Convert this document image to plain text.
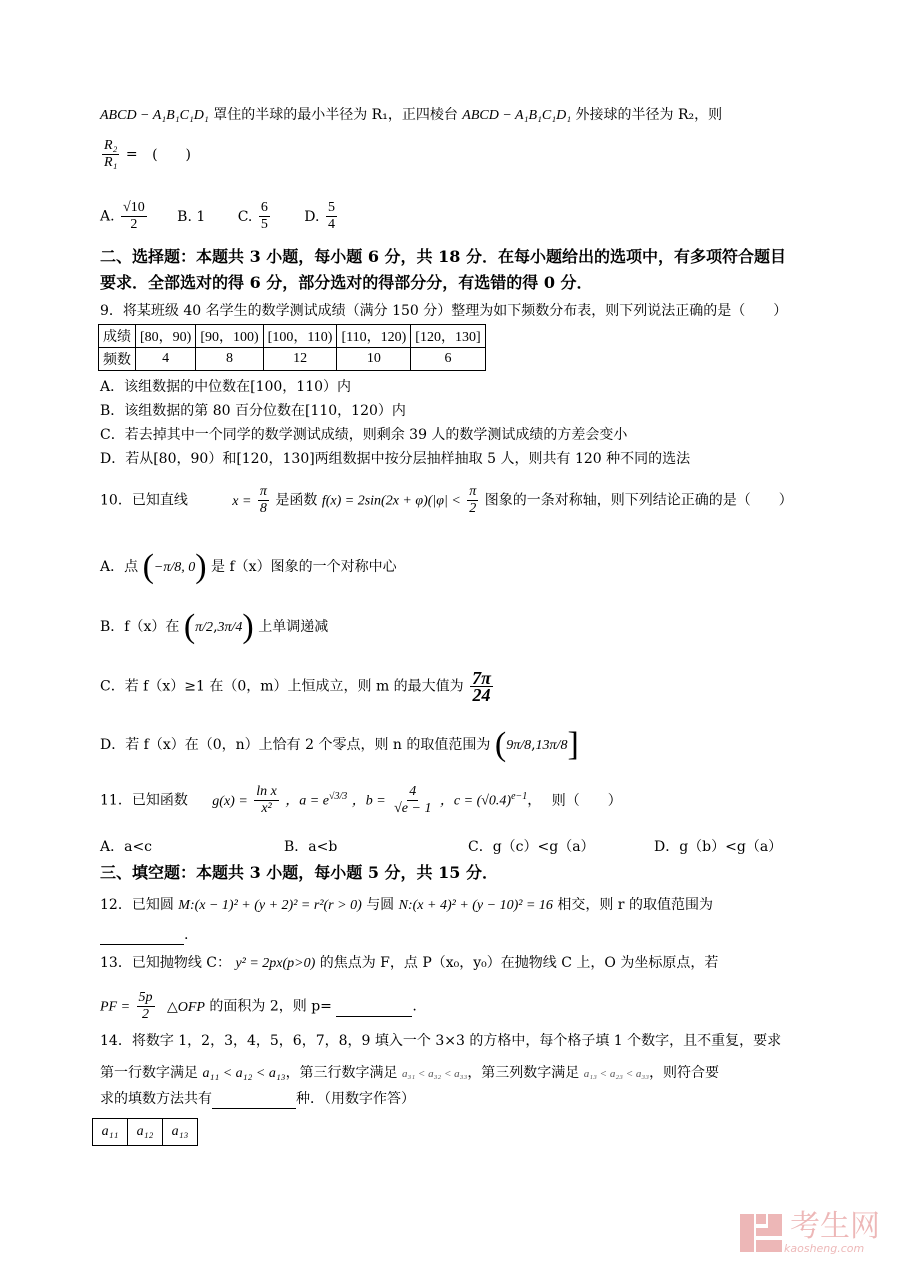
ABCD − A₁B₁C₁D₁ 罩住的半球的最小半径为 R₁，正四棱台 ABCD − A₁B₁C₁D₁ 外接球的半径为 R₂，则
$\frac{\text{R₂}}{\text{R₁}}$ = (　　)
A. $\frac{√10}{2} B$. 1 C. $\frac{6}{5} D$. $\frac{5}{4}$
二、选择题：本题共 3 小题，每小题 6 分，共 18 分．在每小题给出的选项中，有多项符合题目要求．全部选对的得 6 分，部分选对的得部分分，有选错的得 0 分．
9．将某班级 40 名学生的数学测试成绩（满分 150 分）整理为如下频数分布表，则下列说法正确的是（　　）
成绩	[80，90)	[90，100)	[100，110)	[110，120)	[120，130]
频数	4	8	12	10	6
A．该组数据的中位数在[100，110）内
B．该组数据的第 80 百分位数在[110，120）内
C．若去掉其中一个同学的数学测试成绩，则剩余 39 人的数学测试成绩的方差会变小
D．若从[80，90）和[120，130]两组数据中按分层抽样抽取 5 人，则共有 120 种不同的选法
10．已知直线	$x = \frac{\pi}{8}$ 是函数 $f(x) = 2\sin(2x + \varphi)(|\varphi| < \frac{\pi}{2}$ 图象的一条对称轴，则下列结论正确的是（　　）
A．点 (−π/8, 0) 是 f（x）图象的一个对称中心
B．f（x）在 (π/2,3π/4) 上单调递减
C．若 f（x）≥1 在（0，m）上恒成立，则 m 的最大值为 $\frac{7\pi}{24}$
D．若 f（x）在（0，n）上恰有 2 个零点，则 n 的取值范围为 (9π/8,13π/8]
11．已知函数 $g(x) = \frac{\text{ln x}}{\text{x²}}$ ，$a = e^{√3/3}$ ，$b = \frac{4}{√e - 1}$ ，$c = (√0.4)^{e-1}$， 则（　　）
A．a<c	B．a<b	C．g（c）<g（a）	D．g（b）<g（a）
三、填空题：本题共 3 小题，每小题 5 分，共 15 分．
12．已知圆 M:(x − 1)² + (y + 2)² = r²(r > 0) 与圆 N:(x + 4)² + (y − 10)² = 16 相交，则 r 的取值范围为
.
13．已知抛物线 C： y² = 2px(p>0) 的焦点为 F，点 P（x₀，y₀）在抛物线 C 上，O 为坐标原点，若
PF = $\frac{5p}{2}$ △OFP 的面积为 2，则 p=	.
14．将数字 1，2，3，4，5，6，7，8，9 填入一个 3×3 的方格中，每个格子填 1 个数字，且不重复，要求
第一行数字满足 a₁₁ < a₁₂ < a₁₃，第三行数字满足 a₃₁ < a₃₂ < a₃₃，第三列数字满足 a₁₃ < a₂₃ < a₃₃，则符合要
求的填数方法共有	种．（用数字作答）
a₁₁	a₁₂	a₁₃
考生网
kaosheng.com
